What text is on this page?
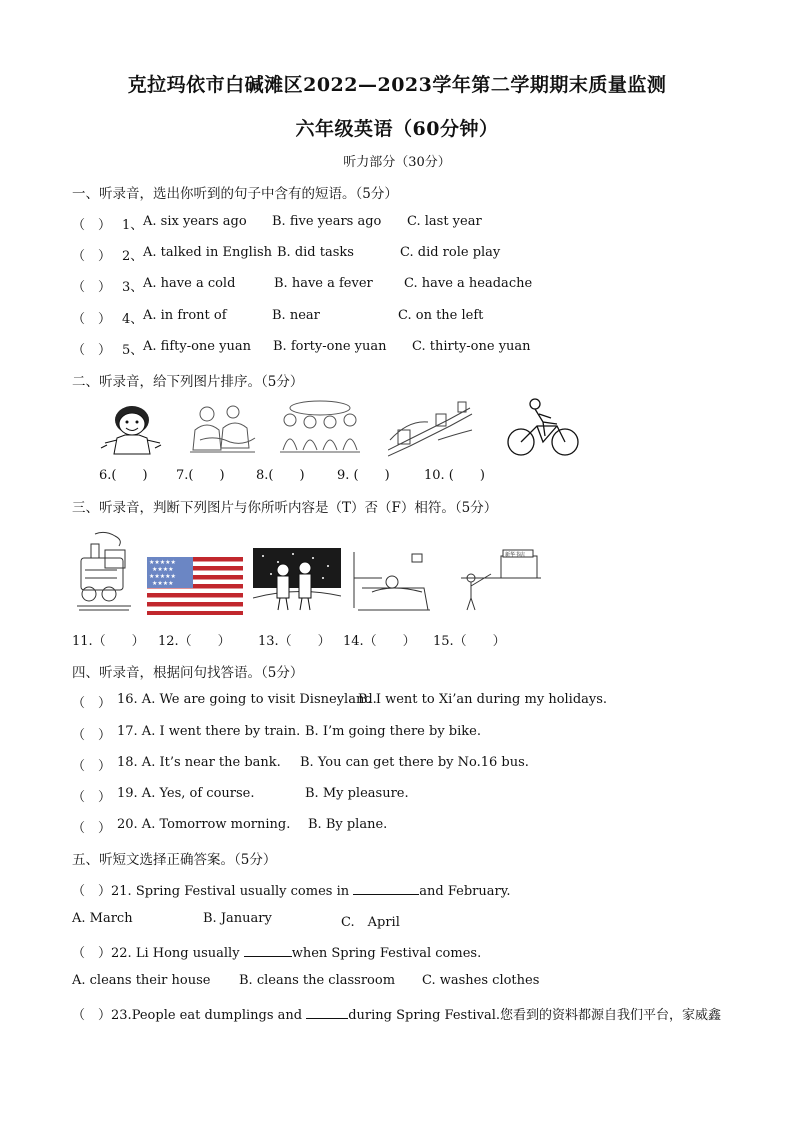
克拉玛依市白碱滩区2022—2023学年第二学期期末质量监测
六年级英语（60分钟）
听力部分（30分）
一、听录音，选出你听到的句子中含有的短语。（5分）
（　） 1、 A. six years ago B. five years ago C. last year
（　） 2、 A. talked in English B. did tasks	C. did role play
（　） 3、 A. have a cold	B. have a fever C. have a headache
（　） 4、 A. in front of	B. near	C. on the left
（　） 5、 A. fifty-one yuan B. forty-one yuan C. thirty-one yuan
二、听录音，给下列图片排序。（5分）
6.(　　) 7.(　　) 8.(　　) 9. (　　)	10. (　　)
三、听录音，判断下列图片与你所听内容是（T）否（F）相符。（5分）
★★★★★
★★★★
★★★★★
★★★★
新华书店
11.（　　） 12.（　　） 13.（　　） 14.（　　） 15.（　　）
四、听录音，根据问句找答语。（5分）
（　） 16. A. We are going to visit Disneyland.
B. I went to Xi’an during my holidays.
（　） 17. A. I went there by train. B. I’m going there by bike.
（　） 18. A. It’s near the bank. B. You can get there by No.16 bus.
（　） 19. A. Yes, of course.	B. My pleasure.
（　） 20. A. Tomorrow morning. B. By plane.
五、听短文选择正确答案。（5分）
（　）21. Spring Festival usually comes in	and February.
A. March	B. January	C.　April
（　）22. Li Hong usually	when Spring Festival comes.
A. cleans their house B. cleans the classroom C. washes clothes
（　）23.People eat dumplings and	during Spring Festival.您看到的资料都源自我们平台，家威鑫
